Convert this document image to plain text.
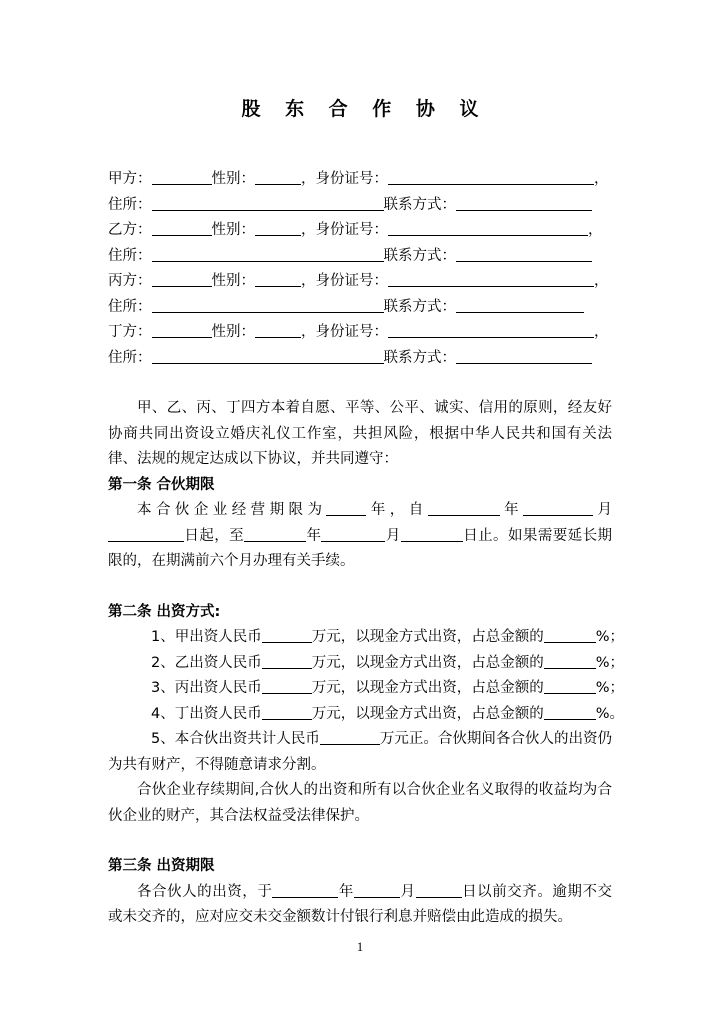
股 东 合 作 协 议
甲方：	性别：	，身份证号：	，
住所：	联系方式：
乙方：	性别：	，身份证号：	，
住所：	联系方式：
丙方：	性别：	，身份证号：	，
住所：	联系方式：
丁方：	性别：	，身份证号：	，
住所：	联系方式：

甲、乙、丙、丁四方本着自愿、平等、公平、诚实、信用的原则，经友好协商共同出资设立婚庆礼仪工作室，共担风险，根据中华人民共和国有关法律、法规的规定达成以下协议，并共同遵守：

第一条 合伙期限

本合伙企业经营期限为	年，自	年	月日起，至	年	月	日止。如果需要延长期限的，在期满前六个月办理有关手续。

第二条 出资方式:
1、甲出资人民币	万元，以现金方式出资，占总金额的	%；
2、乙出资人民币	万元，以现金方式出资，占总金额的	%；
3、丙出资人民币	万元，以现金方式出资，占总金额的	%；
4、丁出资人民币	万元，以现金方式出资，占总金额的	%。

5、本合伙出资共计人民币	万元正。合伙期间各合伙人的出资仍为共有财产，不得随意请求分割。

合伙企业存续期间,合伙人的出资和所有以合伙企业名义取得的收益均为合伙企业的财产，其合法权益受法律保护。

第三条 出资期限

各合伙人的出资，于	年	月	日以前交齐。逾期不交或未交齐的，应对应交未交金额数计付银行利息并赔偿由此造成的损失。

1
